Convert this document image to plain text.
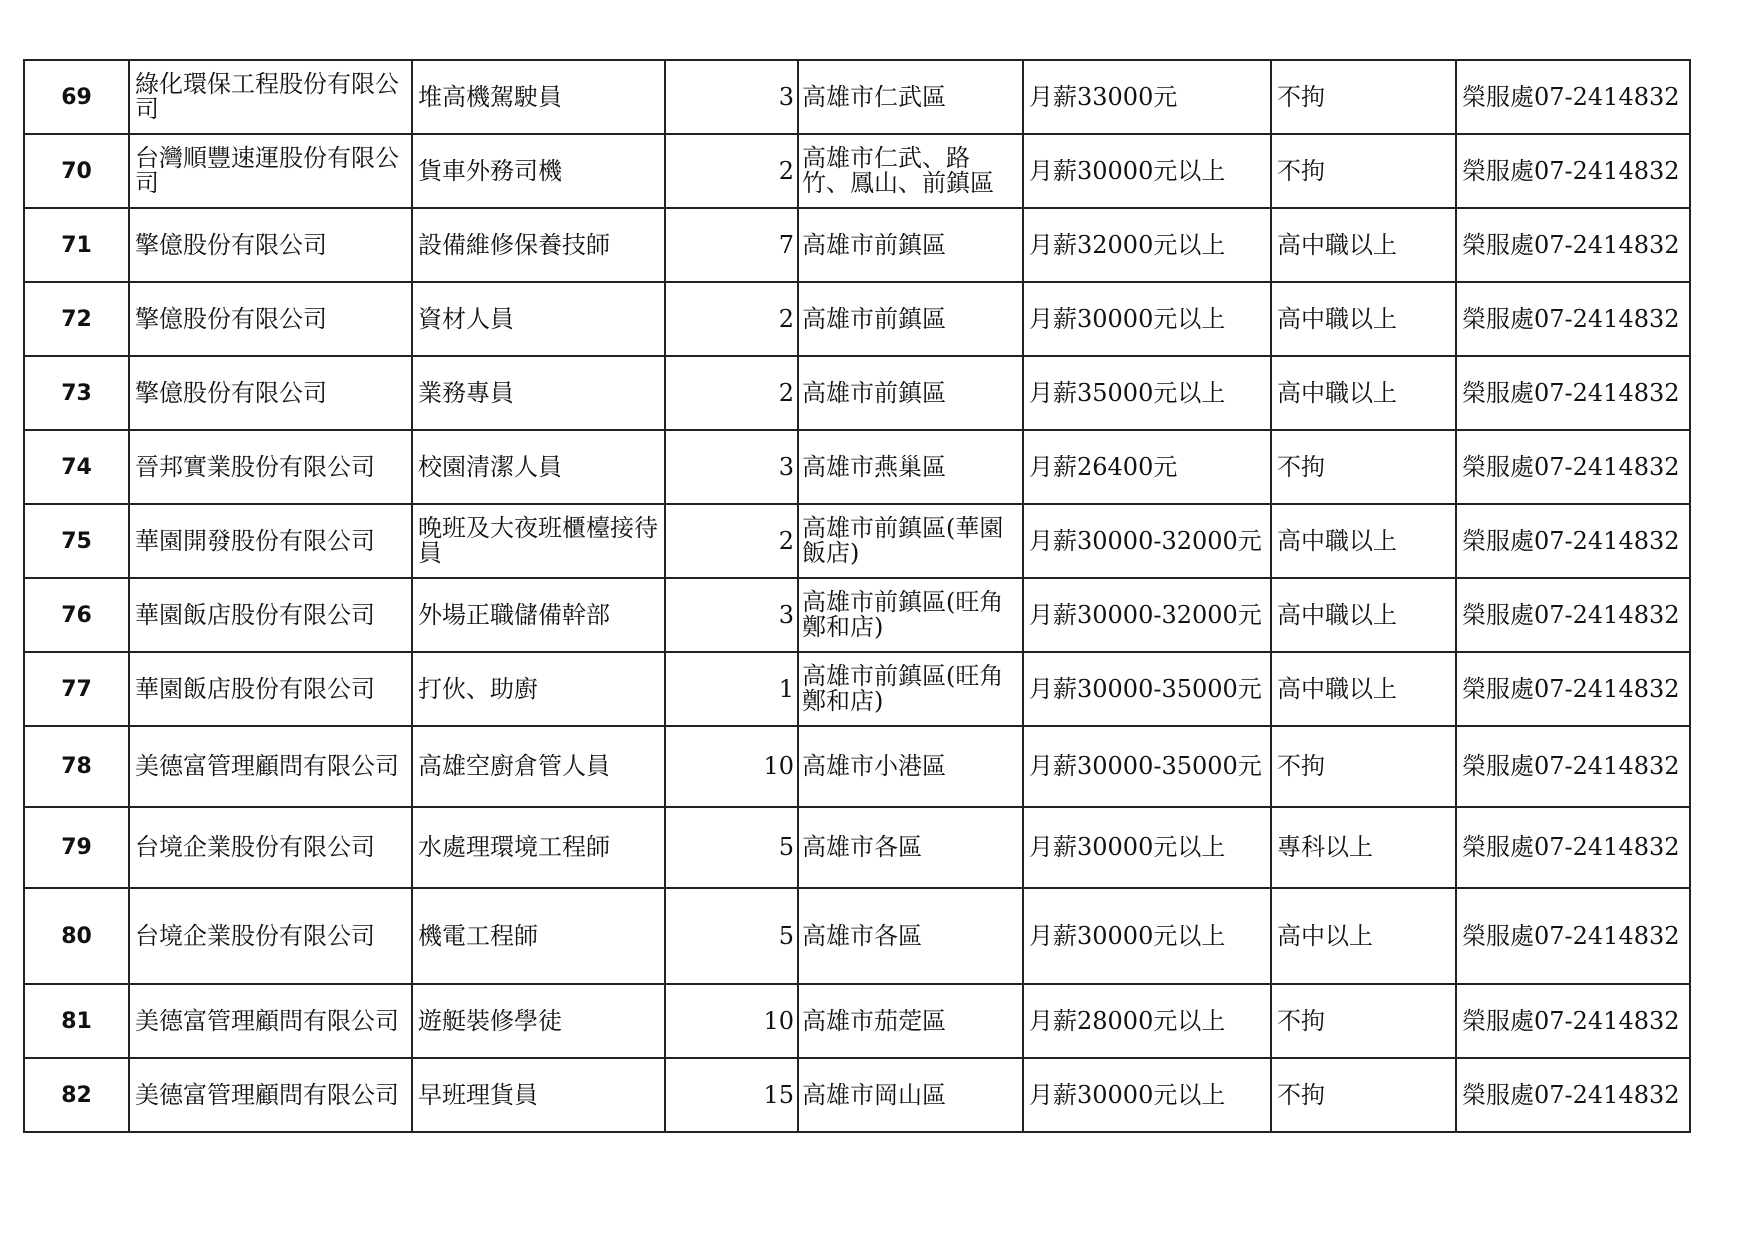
69	綠化環保工程股份有限公司	堆高機駕駛員	3	高雄市仁武區	月薪33000元	不拘	榮服處07-2414832
70	台灣順豐速運股份有限公司	貨車外務司機	2	高雄市仁武、路竹、鳳山、前鎮區	月薪30000元以上	不拘	榮服處07-2414832
71	擎億股份有限公司	設備維修保養技師	7	高雄市前鎮區	月薪32000元以上	高中職以上	榮服處07-2414832
72	擎億股份有限公司	資材人員	2	高雄市前鎮區	月薪30000元以上	高中職以上	榮服處07-2414832
73	擎億股份有限公司	業務專員	2	高雄市前鎮區	月薪35000元以上	高中職以上	榮服處07-2414832
74	晉邦實業股份有限公司	校園清潔人員	3	高雄市燕巢區	月薪26400元	不拘	榮服處07-2414832
75	華園開發股份有限公司	晚班及大夜班櫃檯接待員	2	高雄市前鎮區(華園飯店)	月薪30000-32000元	高中職以上	榮服處07-2414832
76	華園飯店股份有限公司	外場正職儲備幹部	3	高雄市前鎮區(旺角鄭和店)	月薪30000-32000元	高中職以上	榮服處07-2414832
77	華園飯店股份有限公司	打伙、助廚	1	高雄市前鎮區(旺角鄭和店)	月薪30000-35000元	高中職以上	榮服處07-2414832
78	美德富管理顧問有限公司	高雄空廚倉管人員	10	高雄市小港區	月薪30000-35000元	不拘	榮服處07-2414832
79	台境企業股份有限公司	水處理環境工程師	5	高雄市各區	月薪30000元以上	專科以上	榮服處07-2414832
80	台境企業股份有限公司	機電工程師	5	高雄市各區	月薪30000元以上	高中以上	榮服處07-2414832
81	美德富管理顧問有限公司	遊艇裝修學徒	10	高雄市茄萣區	月薪28000元以上	不拘	榮服處07-2414832
82	美德富管理顧問有限公司	早班理貨員	15	高雄市岡山區	月薪30000元以上	不拘	榮服處07-2414832
